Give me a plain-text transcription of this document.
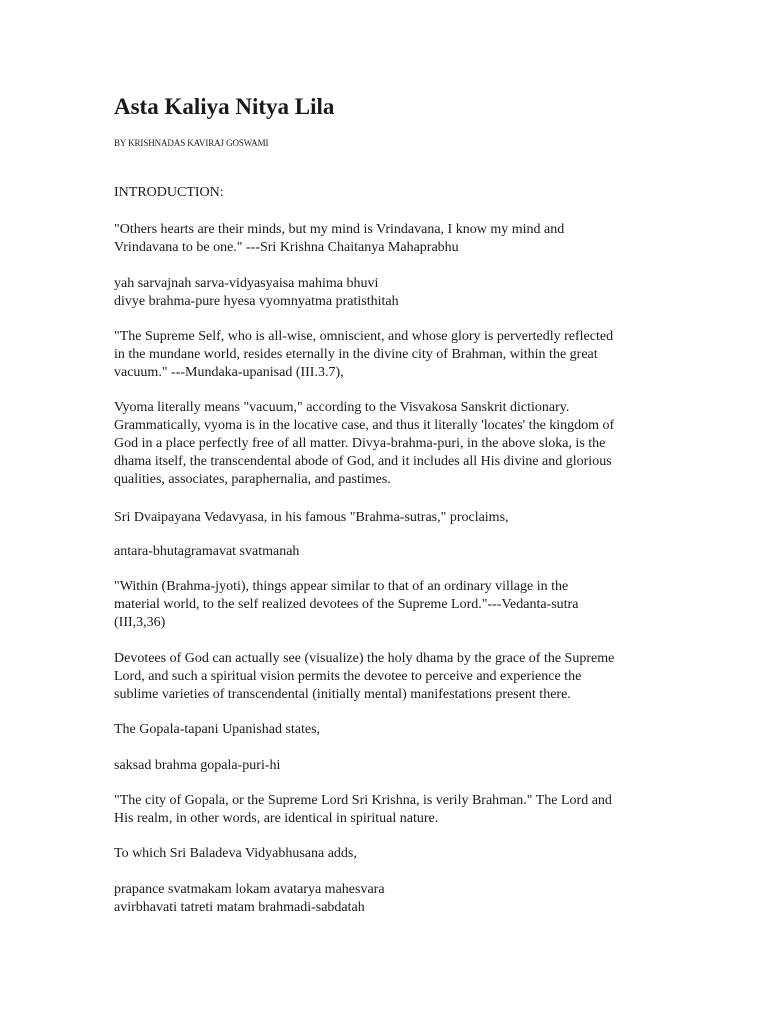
Asta Kaliya Nitya Lila
BY KRISHNADAS KAVIRAJ GOSWAMI
INTRODUCTION:

"Others hearts are their minds, but my mind is Vrindavana, I know my mind and
Vrindavana to be one." ---Sri Krishna Chaitanya Mahaprabhu

yah sarvajnah sarva-vidyasyaisa mahima bhuvi
divye brahma-pure hyesa vyomnyatma pratisthitah

"The Supreme Self, who is all-wise, omniscient, and whose glory is pervertedly reflected
in the mundane world, resides eternally in the divine city of Brahman, within the great
vacuum." ---Mundaka-upanisad (III.3.7),

Vyoma literally means "vacuum," according to the Visvakosa Sanskrit dictionary.
Grammatically, vyoma is in the locative case, and thus it literally 'locates' the kingdom of
God in a place perfectly free of all matter. Divya-brahma-puri, in the above sloka, is the
dhama itself, the transcendental abode of God, and it includes all His divine and glorious
qualities, associates, paraphernalia, and pastimes.

Sri Dvaipayana Vedavyasa, in his famous "Brahma-sutras," proclaims,

antara-bhutagramavat svatmanah

"Within (Brahma-jyoti), things appear similar to that of an ordinary village in the
material world, to the self realized devotees of the Supreme Lord."---Vedanta-sutra
(III,3,36)

Devotees of God can actually see (visualize) the holy dhama by the grace of the Supreme
Lord, and such a spiritual vision permits the devotee to perceive and experience the
sublime varieties of transcendental (initially mental) manifestations present there.

The Gopala-tapani Upanishad states,

saksad brahma gopala-puri-hi

"The city of Gopala, or the Supreme Lord Sri Krishna, is verily Brahman." The Lord and
His realm, in other words, are identical in spiritual nature.

To which Sri Baladeva Vidyabhusana adds,

prapance svatmakam lokam avatarya mahesvara
avirbhavati tatreti matam brahmadi-sabdatah
